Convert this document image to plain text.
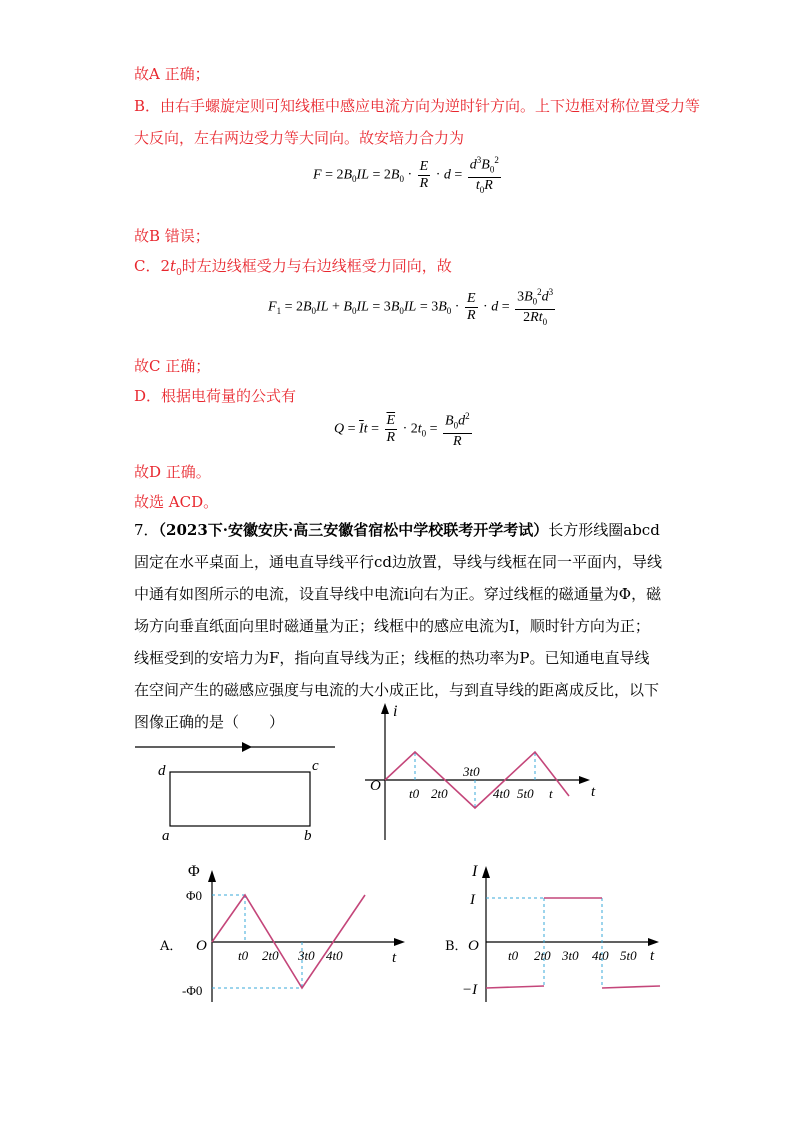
故A 正确；
B．由右手螺旋定则可知线框中感应电流方向为逆时针方向。上下边框对称位置受力等
大反向，左右两边受力等大同向。故安培力合力为
$F = 2B_0IL = 2B_0 \cdot \frac{E}{R} \cdot d = \frac{d^3B_0^2}{t_0R}$
故B 错误；
C．$2t_0$时左边线框受力与右边线框受力同向，故
$F_1 = 2B_0IL + B_0IL = 3B_0IL = 3B_0 \cdot \frac{E}{R} \cdot d = \frac{3B_0^2d^3}{2Rt_0}$
故C 正确；
D．根据电荷量的公式有
$Q = \overline{I}t = \frac{\overline{E}}{R} \cdot 2t_0 = \frac{B_0d^2}{R}$
故D 正确。
故选 ACD。
7．（2023下·安徽安庆·高三安徽省宿松中学校联考开学考试）长方形线圈abcd固定在水平桌面上，通电直导线平行cd边放置，导线与线框在同一平面内，导线中通有如图所示的电流，设直导线中电流i向右为正。穿过线框的磁通量为Φ，磁场方向垂直纸面向里时磁通量为正；线框中的感应电流为I，顺时针方向为正；线框受到的安培力为F，指向直导线为正；线框的热功率为P。已知通电直导线在空间产生的磁感应强度与电流的大小成正比，与到直导线的距离成反比，以下图像正确的是（　　）
d	c
a	b
i
t
O t0 2t0
3t0
4t0 5t0 t
A．
Φ
t
O
Φ0
-Φ0
t0 2t0 3t0 4t0
B．
I
t
O
I
−I
t0 2t0 3t0 4t0 5t0
